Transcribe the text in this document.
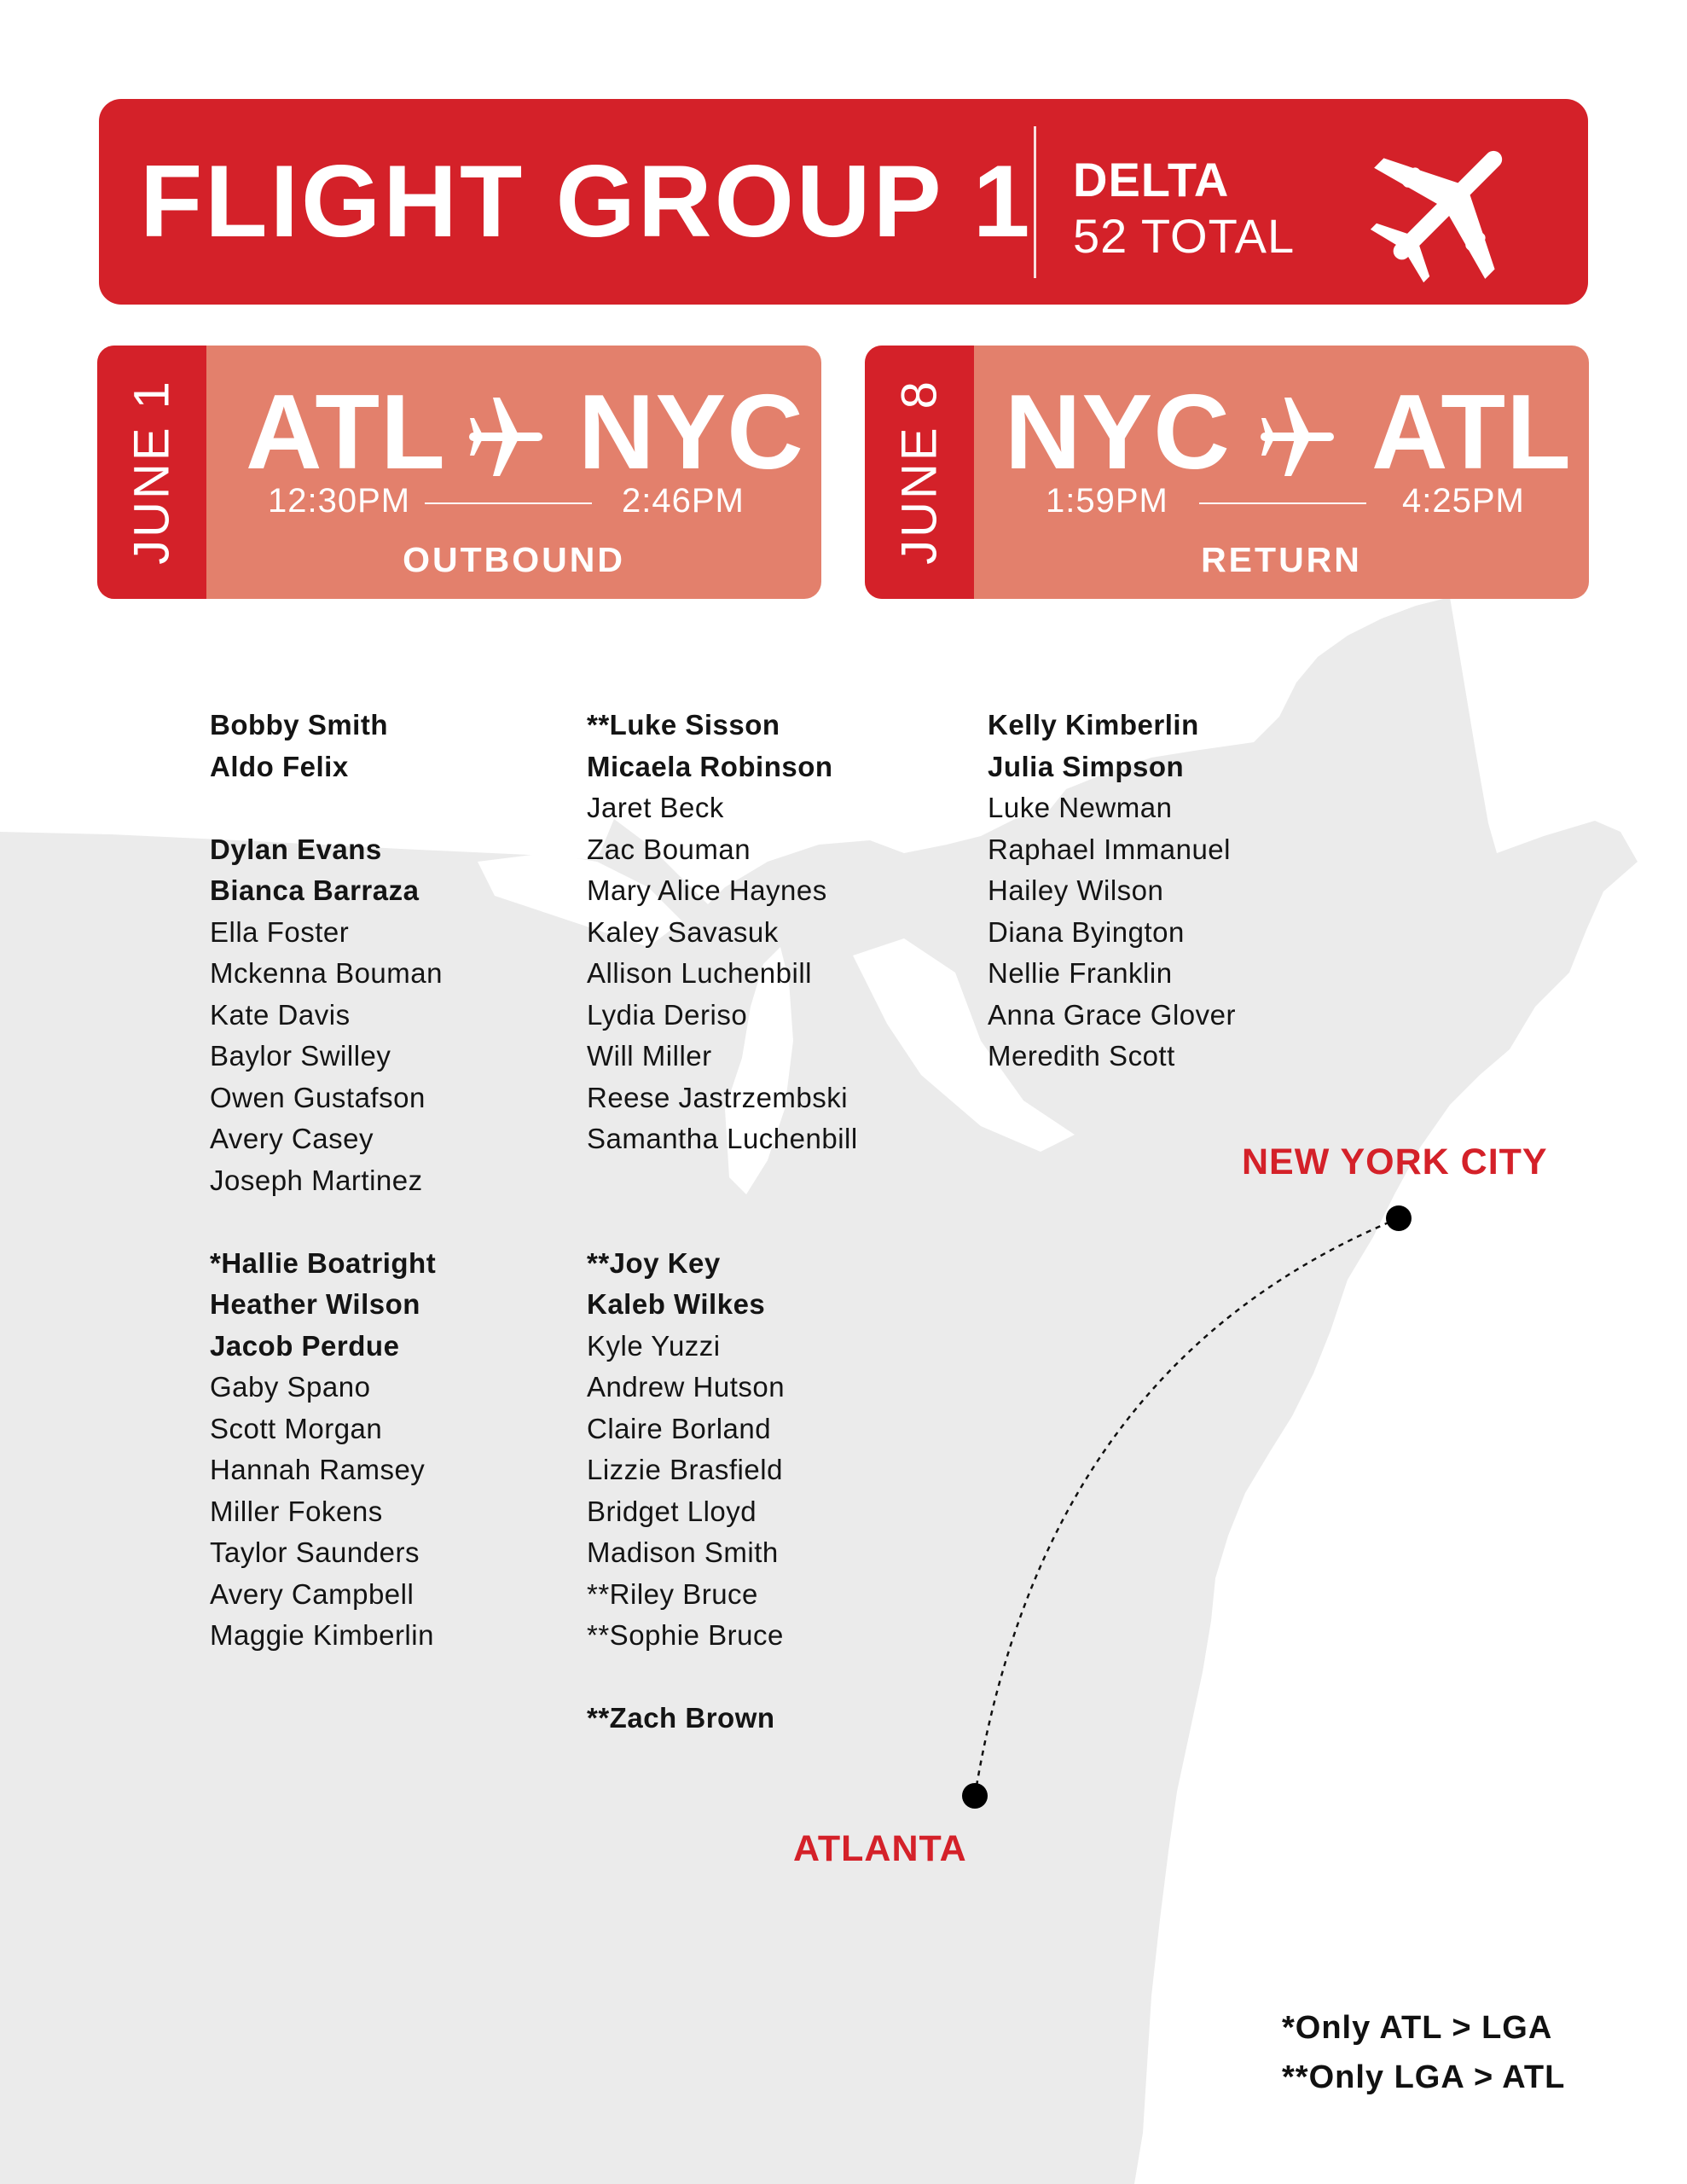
FLIGHT GROUP 1 DELTA
52 TOTAL
JUNE 1 ATL NYC
12:30PM	2:46PM
OUTBOUND	JUNE 8 NYC ATL
1:59PM	4:25PM
RETURN
Bobby Smith
Aldo Felix
Dylan Evans
Bianca Barraza
Ella Foster
Mckenna Bouman
Kate Davis
Baylor Swilley
Owen Gustafson
Avery Casey
Joseph Martinez
*Hallie Boatright
Heather Wilson
Jacob Perdue
Gaby Spano
Scott Morgan
Hannah Ramsey
Miller Fokens
Taylor Saunders
Avery Campbell
Maggie Kimberlin
**Luke Sisson
Micaela Robinson
Jaret Beck
Zac Bouman
Mary Alice Haynes
Kaley Savasuk
Allison Luchenbill
Lydia Deriso
Will Miller
Reese Jastrzembski
Samantha Luchenbill
**Joy Key
Kaleb Wilkes
Kyle Yuzzi
Andrew Hutson
Claire Borland
Lizzie Brasfield
Bridget Lloyd
Madison Smith
**Riley Bruce
**Sophie Bruce
**Zach Brown
Kelly Kimberlin
Julia Simpson
Luke Newman
Raphael Immanuel
Hailey Wilson
Diana Byington
Nellie Franklin
Anna Grace Glover
Meredith Scott
NEW YORK CITY
ATLANTA
*Only ATL > LGA
**Only LGA > ATL
